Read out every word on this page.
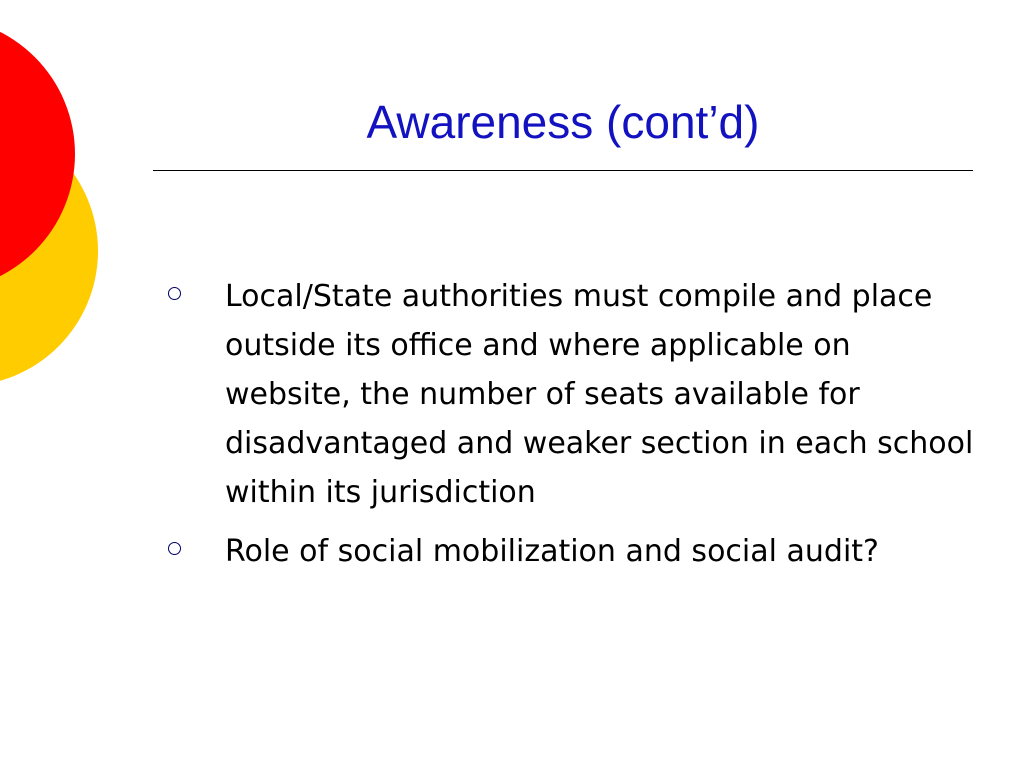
Awareness (cont’d)
Local/State authorities must compile and place outside its office and where applicable on website, the number of seats available for disadvantaged and weaker section in each school within its jurisdiction
Role of social mobilization and social audit?
